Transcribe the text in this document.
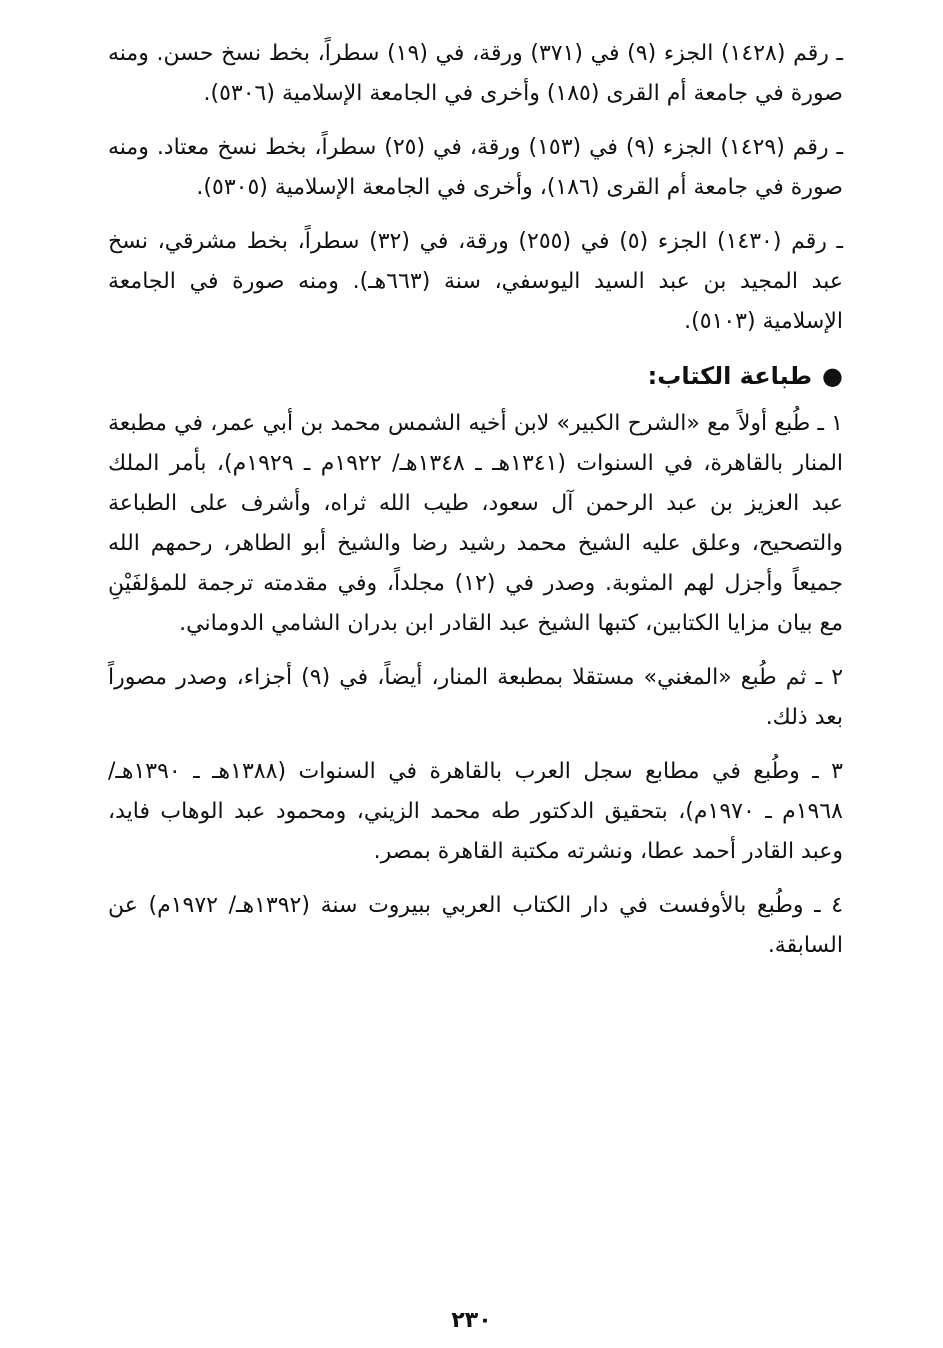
ـ رقم (١٤٢٨) الجزء (٩) في (٣٧١) ورقة، في (١٩) سطراً، بخط نسخ حسن. ومنه صورة في جامعة أم القرى (١٨٥) وأخرى في الجامعة الإسلامية (٥٣٠٦).

ـ رقم (١٤٢٩) الجزء (٩) في (١٥٣) ورقة، في (٢٥) سطراً، بخط نسخ معتاد. ومنه صورة في جامعة أم القرى (١٨٦)، وأخرى في الجامعة الإسلامية (٥٣٠٥).

ـ رقم (١٤٣٠) الجزء (٥) في (٢٥٥) ورقة، في (٣٢) سطراً، بخط مشرقي، نسخ عبد المجيد بن عبد السيد اليوسفي، سنة (٦٦٣هـ). ومنه صورة في الجامعة الإسلامية (٥١٠٣).

●طباعة الكتاب:

١ ـ طُبع أولاً مع «الشرح الكبير» لابن أخيه الشمس محمد بن أبي عمر، في مطبعة المنار بالقاهرة، في السنوات (١٣٤١هـ ـ ١٣٤٨هـ/ ١٩٢٢م ـ ١٩٢٩م)، بأمر الملك عبد العزيز بن عبد الرحمن آل سعود، طيب الله ثراه، وأشرف على الطباعة والتصحيح، وعلق عليه الشيخ محمد رشيد رضا والشيخ أبو الطاهر، رحمهم الله جميعاً وأجزل لهم المثوبة. وصدر في (١٢) مجلداً، وفي مقدمته ترجمة للمؤلفَيْنِ مع بيان مزايا الكتابين، كتبها الشيخ عبد القادر ابن بدران الشامي الدوماني.

٢ ـ ثم طُبع «المغني» مستقلا بمطبعة المنار، أيضاً، في (٩) أجزاء، وصدر مصوراً بعد ذلك.

٣ ـ وطُبع في مطابع سجل العرب بالقاهرة في السنوات (١٣٨٨هـ ـ ١٣٩٠هـ/ ١٩٦٨م ـ ١٩٧٠م)، بتحقيق الدكتور طه محمد الزيني، ومحمود عبد الوهاب فايد، وعبد القادر أحمد عطا، ونشرته مكتبة القاهرة بمصر.

٤ ـ وطُبع بالأوفست في دار الكتاب العربي ببيروت سنة (١٣٩٢هـ/ ١٩٧٢م) عن السابقة.

٢٣٠
